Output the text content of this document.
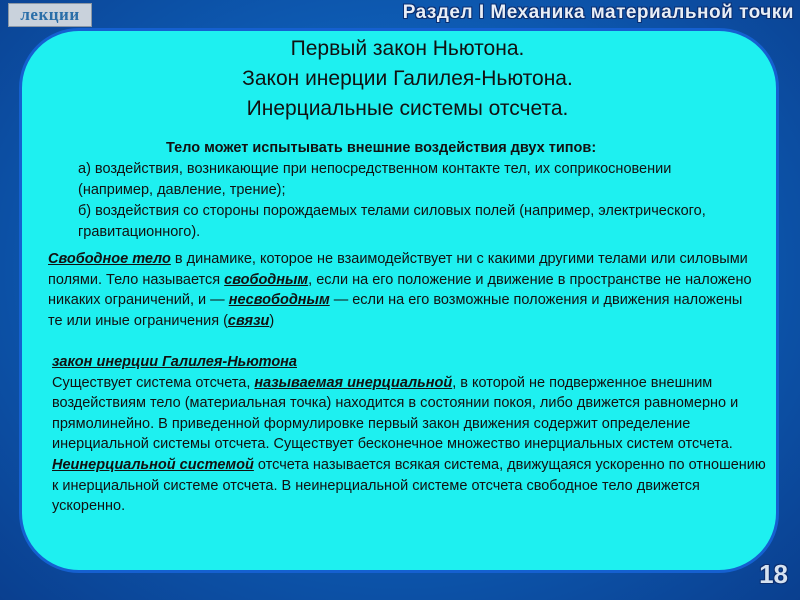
лекции	Раздел I Механика материальной точки
Первый закон Ньютона.
Закон инерции Галилея-Ньютона.
Инерциальные системы отсчета.
Тело может испытывать внешние воздействия двух типов:
а) воздействия, возникающие при непосредственном контакте тел, их соприкосновении (например, давление, трение);
б) воздействия со стороны порождаемых телами силовых полей (например, электрического, гравитационного).
Свободное тело в динамике, которое не взаимодействует ни с какими другими телами или силовыми полями. Тело называется свободным, если на его положение и движение в пространстве не наложено никаких ограничений, и — несвободным — если на его возможные положения и движения наложены те или иные ограничения (связи)
закон инерции Галилея-Ньютона
Существует система отсчета, называемая инерциальной, в которой не подверженное внешним воздействиям тело (материальная точка) находится в состоянии покоя, либо движется равномерно и прямолинейно. В приведенной формулировке первый закон движения содержит определение инерциальной системы отсчета. Существует бесконечное множество инерциальных систем отсчета.
Неинерциальной системой отсчета называется всякая система, движущаяся ускоренно по отношению к инерциальной системе отсчета. В неинерциальной системе отсчета свободное тело движется ускоренно.
18
